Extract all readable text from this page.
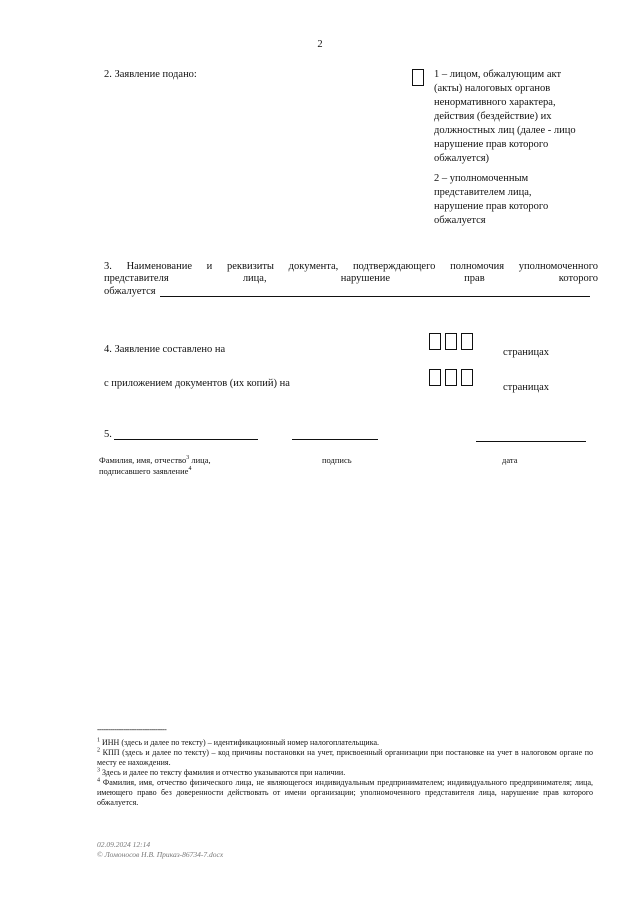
2
2. Заявление подано:	1 – лицом, обжалующим акт
(акты) налоговых органов
ненормативного характера,
действия (бездействие) их
должностных лиц (далее - лицо
нарушение прав которого
обжалуется)
2 – уполномоченным
представителем лица,
нарушение прав которого
обжалуется
3. Наименование и реквизиты документа, подтверждающего полномочия уполномоченного
представителя лица, нарушение прав которого
обжалуется
4. Заявление составлено на	страницах
с приложением документов (их копий) на	страницах
5.
Фамилия, имя, отчество$^3$ лица,
подписавшего заявление$^4$
подпись	дата
--------------------------------
$^1$ ИНН (здесь и далее по тексту) – идентификационный номер налогоплательщика.
$^2$ КПП (здесь и далее по тексту) – код причины постановки на учет, присвоенный организации при постановке на учет в налоговом органе по месту ее нахождения.
$^3$ Здесь и далее по тексту фамилия и отчество указываются при наличии.
$^4$ Фамилия, имя, отчество физического лица, не являющегося индивидуальным предпринимателем; индивидуального предпринимателя; лица, имеющего право без доверенности действовать от имени организации; уполномоченного представителя лица, нарушение прав которого обжалуется.
02.09.2024 12:14
© Ломоносов Н.В. Приказ-86734-7.docx
